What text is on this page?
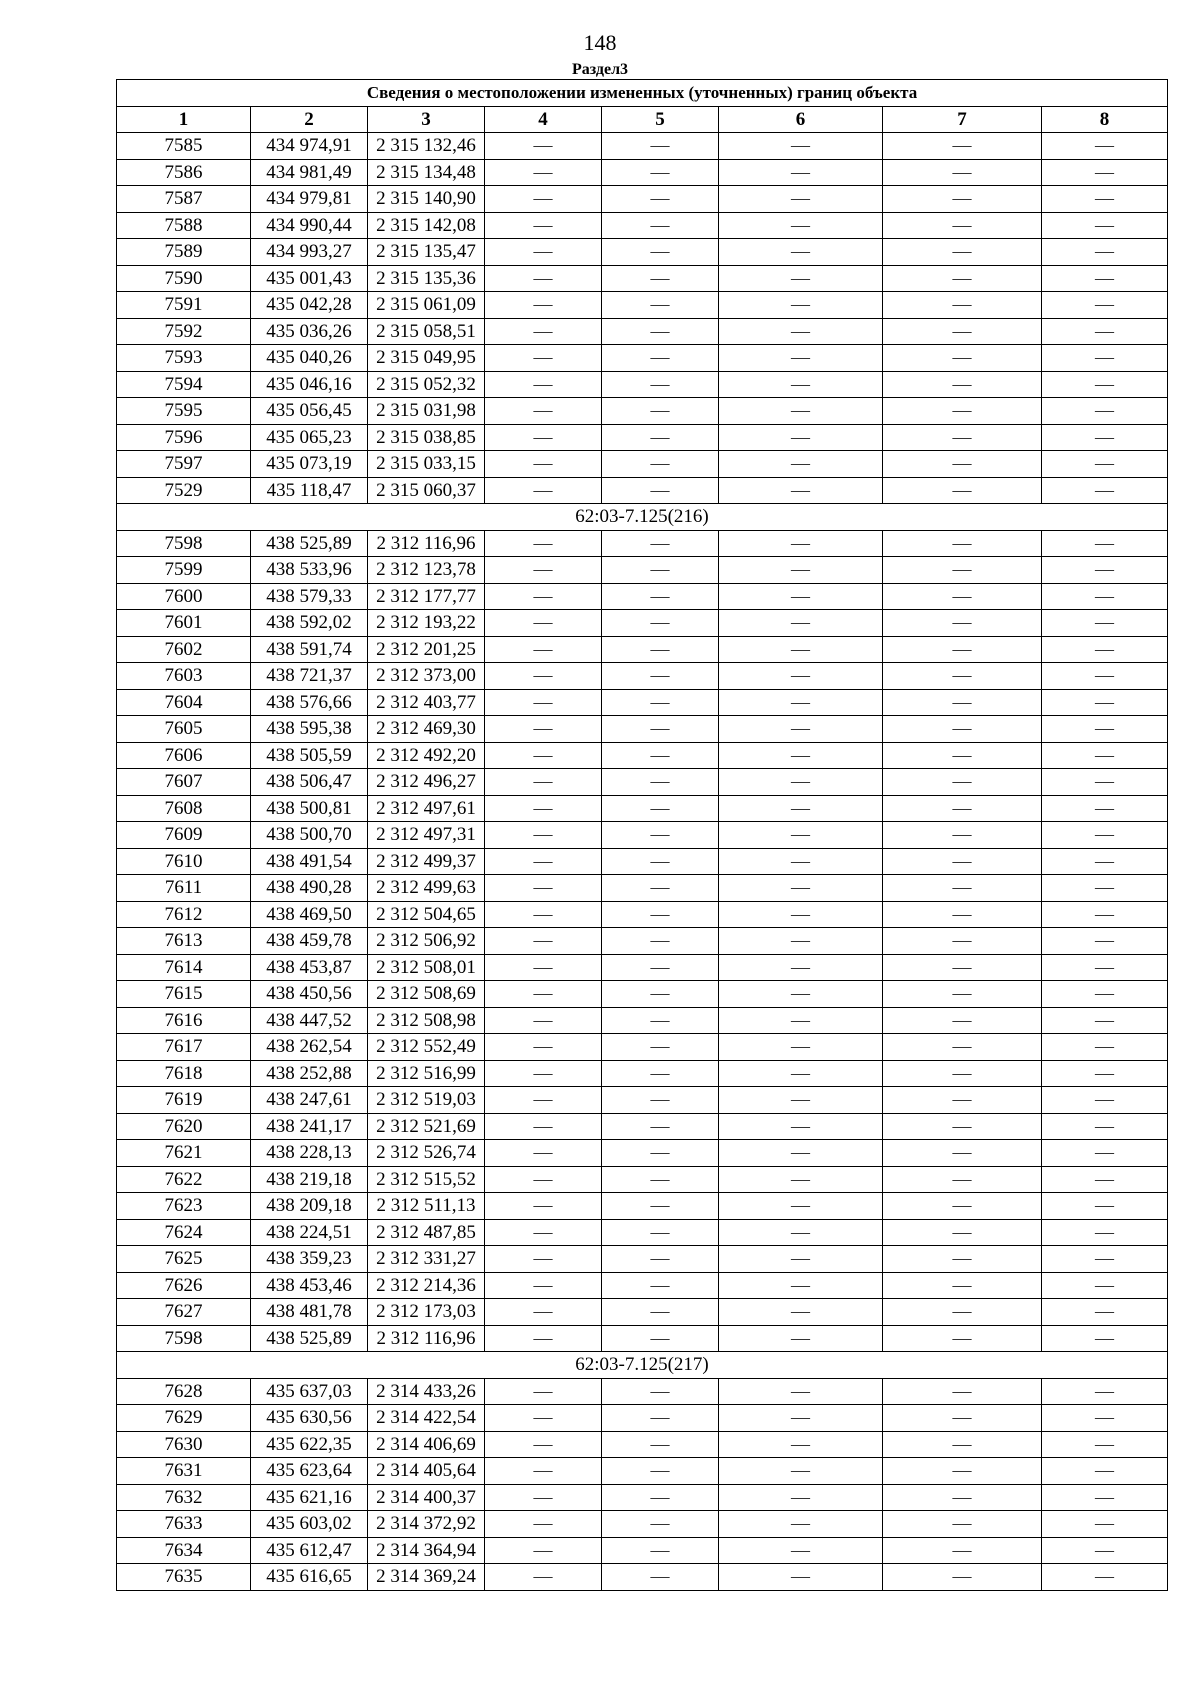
148
Раздел3
Сведения о местоположении измененных (уточненных) границ объекта							
1	2	3	4	5	6	7	8
7585	434 974,91	2 315 132,46	—	—	—	—	—
7586	434 981,49	2 315 134,48	—	—	—	—	—
7587	434 979,81	2 315 140,90	—	—	—	—	—
7588	434 990,44	2 315 142,08	—	—	—	—	—
7589	434 993,27	2 315 135,47	—	—	—	—	—
7590	435 001,43	2 315 135,36	—	—	—	—	—
7591	435 042,28	2 315 061,09	—	—	—	—	—
7592	435 036,26	2 315 058,51	—	—	—	—	—
7593	435 040,26	2 315 049,95	—	—	—	—	—
7594	435 046,16	2 315 052,32	—	—	—	—	—
7595	435 056,45	2 315 031,98	—	—	—	—	—
7596	435 065,23	2 315 038,85	—	—	—	—	—
7597	435 073,19	2 315 033,15	—	—	—	—	—
7529	435 118,47	2 315 060,37	—	—	—	—	—
62:03-7.125(216)							
7598	438 525,89	2 312 116,96	—	—	—	—	—
7599	438 533,96	2 312 123,78	—	—	—	—	—
7600	438 579,33	2 312 177,77	—	—	—	—	—
7601	438 592,02	2 312 193,22	—	—	—	—	—
7602	438 591,74	2 312 201,25	—	—	—	—	—
7603	438 721,37	2 312 373,00	—	—	—	—	—
7604	438 576,66	2 312 403,77	—	—	—	—	—
7605	438 595,38	2 312 469,30	—	—	—	—	—
7606	438 505,59	2 312 492,20	—	—	—	—	—
7607	438 506,47	2 312 496,27	—	—	—	—	—
7608	438 500,81	2 312 497,61	—	—	—	—	—
7609	438 500,70	2 312 497,31	—	—	—	—	—
7610	438 491,54	2 312 499,37	—	—	—	—	—
7611	438 490,28	2 312 499,63	—	—	—	—	—
7612	438 469,50	2 312 504,65	—	—	—	—	—
7613	438 459,78	2 312 506,92	—	—	—	—	—
7614	438 453,87	2 312 508,01	—	—	—	—	—
7615	438 450,56	2 312 508,69	—	—	—	—	—
7616	438 447,52	2 312 508,98	—	—	—	—	—
7617	438 262,54	2 312 552,49	—	—	—	—	—
7618	438 252,88	2 312 516,99	—	—	—	—	—
7619	438 247,61	2 312 519,03	—	—	—	—	—
7620	438 241,17	2 312 521,69	—	—	—	—	—
7621	438 228,13	2 312 526,74	—	—	—	—	—
7622	438 219,18	2 312 515,52	—	—	—	—	—
7623	438 209,18	2 312 511,13	—	—	—	—	—
7624	438 224,51	2 312 487,85	—	—	—	—	—
7625	438 359,23	2 312 331,27	—	—	—	—	—
7626	438 453,46	2 312 214,36	—	—	—	—	—
7627	438 481,78	2 312 173,03	—	—	—	—	—
7598	438 525,89	2 312 116,96	—	—	—	—	—
62:03-7.125(217)							
7628	435 637,03	2 314 433,26	—	—	—	—	—
7629	435 630,56	2 314 422,54	—	—	—	—	—
7630	435 622,35	2 314 406,69	—	—	—	—	—
7631	435 623,64	2 314 405,64	—	—	—	—	—
7632	435 621,16	2 314 400,37	—	—	—	—	—
7633	435 603,02	2 314 372,92	—	—	—	—	—
7634	435 612,47	2 314 364,94	—	—	—	—	—
7635	435 616,65	2 314 369,24	—	—	—	—	—
